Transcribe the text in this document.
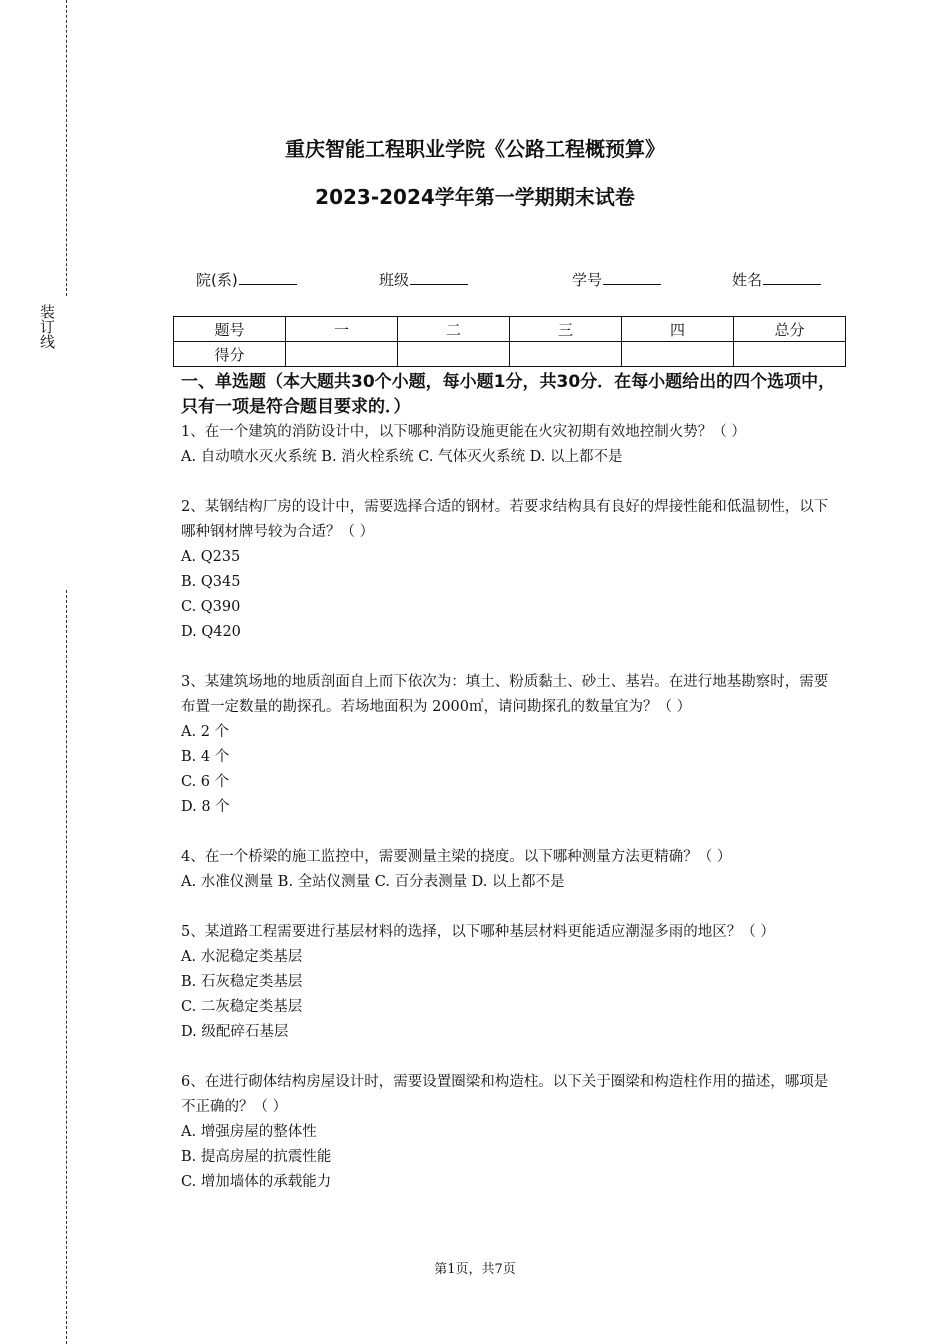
装订线
重庆智能工程职业学院《公路工程概预算》
2023-2024学年第一学期期末试卷
院(系)	班级	学号	姓名
题号	一	二	三	四	总分
得分					
一、单选题（本大题共30个小题，每小题1分，共30分．在每小题给出的四个选项中，只有一项是符合题目要求的．）
1、在一个建筑的消防设计中，以下哪种消防设施更能在火灾初期有效地控制火势？（ ）
A. 自动喷水灭火系统 B. 消火栓系统 C. 气体灭火系统 D. 以上都不是
2、某钢结构厂房的设计中，需要选择合适的钢材。若要求结构具有良好的焊接性能和低温韧性，以下哪种钢材牌号较为合适？（ ）
A. Q235
B. Q345
C. Q390
D. Q420
3、某建筑场地的地质剖面自上而下依次为：填土、粉质黏土、砂土、基岩。在进行地基勘察时，需要布置一定数量的勘探孔。若场地面积为 2000㎡，请问勘探孔的数量宜为？（ ）
A. 2 个
B. 4 个
C. 6 个
D. 8 个
4、在一个桥梁的施工监控中，需要测量主梁的挠度。以下哪种测量方法更精确？（ ）
A. 水准仪测量 B. 全站仪测量 C. 百分表测量 D. 以上都不是
5、某道路工程需要进行基层材料的选择，以下哪种基层材料更能适应潮湿多雨的地区？（ ）
A. 水泥稳定类基层
B. 石灰稳定类基层
C. 二灰稳定类基层
D. 级配碎石基层
6、在进行砌体结构房屋设计时，需要设置圈梁和构造柱。以下关于圈梁和构造柱作用的描述，哪项是不正确的？（ ）
A. 增强房屋的整体性
B. 提高房屋的抗震性能
C. 增加墙体的承载能力
第1页，共7页
